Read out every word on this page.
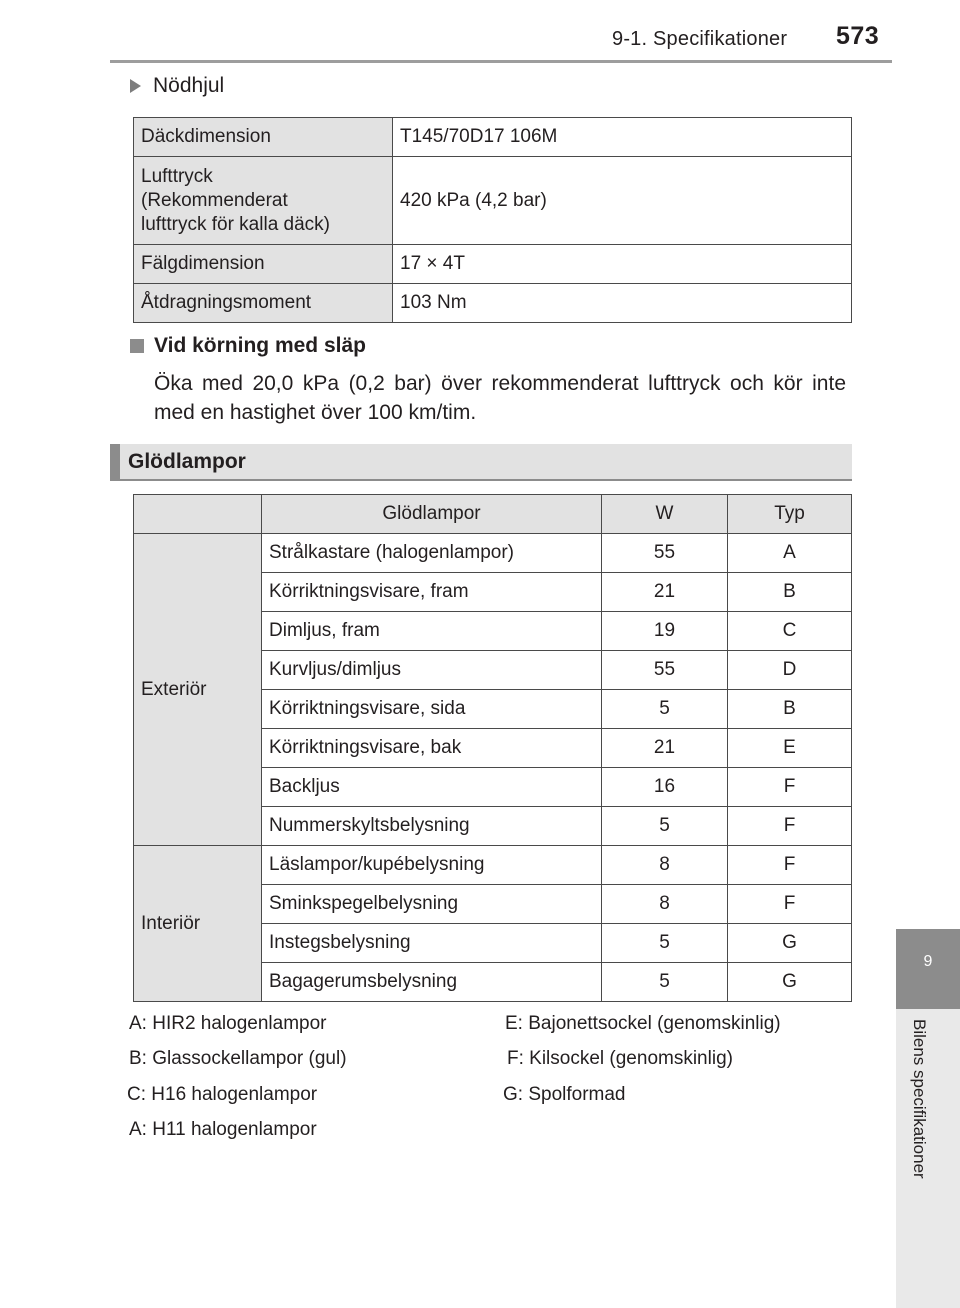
9-1. Specifikationer 573
9
Bilens specifikationer
Nödhjul
Däckdimension	T145/70D17 106M
Lufttryck
(Rekommenderat
lufttryck för kalla däck)	420 kPa (4,2 bar)
Fälgdimension	17 × 4T
Åtdragningsmoment	103 Nm
Vid körning med släp
Öka med 20,0 kPa (0,2 bar) över rekommenderat lufttryck och kör inte med en hastighet över 100 km/tim.
Glödlampor
	Glödlampor	W	Typ
Exteriör	Strålkastare (halogenlampor)	55	A
	Körriktningsvisare, fram	21	B
	Dimljus, fram	19	C
	Kurvljus/dimljus	55	D
	Körriktningsvisare, sida	5	B
	Körriktningsvisare, bak	21	E
	Backljus	16	F
	Nummerskyltsbelysning	5	F
Interiör	Läslampor/kupébelysning	8	F
	Sminkspegelbelysning	8	F
	Instegsbelysning	5	G
	Bagagerumsbelysning	5	G
A: HIR2 halogenlampor
B: Glassockellampor (gul)
C: H16 halogenlampor
A: H11 halogenlampor
E: Bajonettsockel (genomskinlig)
F: Kilsockel (genomskinlig)
G: Spolformad
